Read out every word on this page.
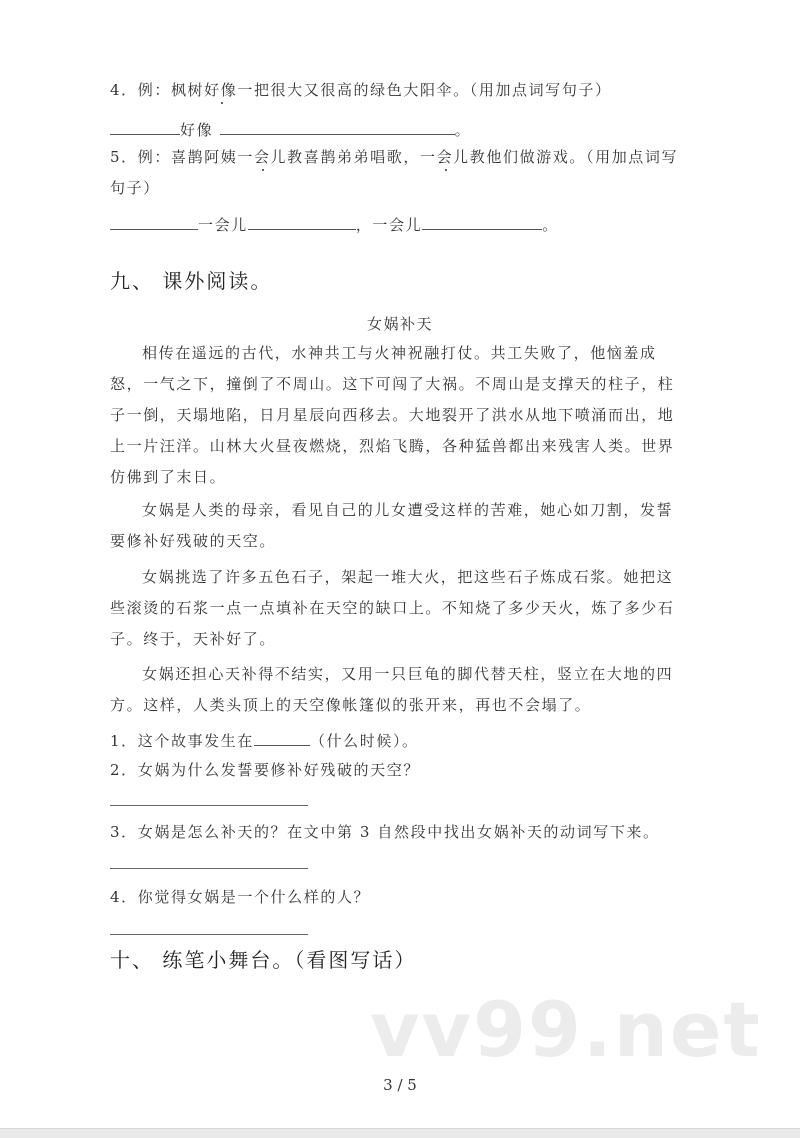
4．例：枫树好像一把很大又很高的绿色大阳伞。（用加点词写句子）
好像	。
5．例：喜鹊阿姨一会儿教喜鹊弟弟唱歌，一会儿教他们做游戏。（用加点词写
句子）
一会儿	，一会儿	。
九、 课外阅读。
女娲补天
相传在遥远的古代，水神共工与火神祝融打仗。共工失败了，他恼羞成
怒，一气之下，撞倒了不周山。这下可闯了大祸。不周山是支撑天的柱子，柱
子一倒，天塌地陷，日月星辰向西移去。大地裂开了洪水从地下喷涌而出，地
上一片汪洋。山林大火昼夜燃烧，烈焰飞腾，各种猛兽都出来残害人类。世界
仿佛到了末日。
女娲是人类的母亲，看见自己的儿女遭受这样的苦难，她心如刀割，发誓
要修补好残破的天空。
女娲挑选了许多五色石子，架起一堆大火，把这些石子炼成石浆。她把这
些滚烫的石浆一点一点填补在天空的缺口上。不知烧了多少天火，炼了多少石
子。终于，天补好了。
女娲还担心天补得不结实，又用一只巨龟的脚代替天柱，竖立在大地的四
方。这样，人类头顶上的天空像帐篷似的张开来，再也不会塌了。
1．这个故事发生在	（什么时候）。
2．女娲为什么发誓要修补好残破的天空？
3．女娲是怎么补天的？在文中第 3 自然段中找出女娲补天的动词写下来。
4．你觉得女娲是一个什么样的人？
十、 练笔小舞台。（看图写话）
vv99.net
3 / 5
